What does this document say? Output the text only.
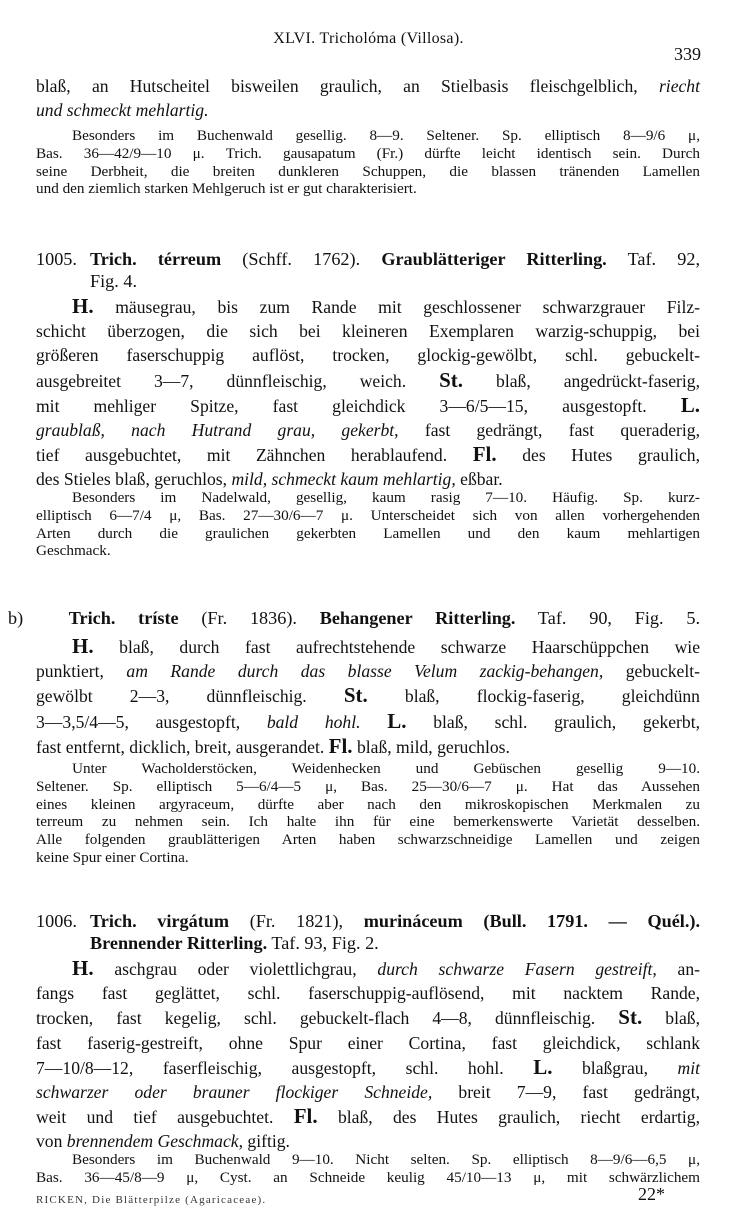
XLVI. Tricholóma (Villosa).
339
blaß, an Hutscheitel bisweilen graulich, an Stielbasis fleischgelblich, riecht
und schmeckt mehlartig.
Besonders im Buchenwald gesellig. 8—9. Seltener. Sp. elliptisch 8—9/6 μ,
Bas. 36—42/9—10 μ. Trich. gausapatum (Fr.) dürfte leicht identisch sein. Durch
seine Derbheit, die breiten dunkleren Schuppen, die blassen tränenden Lamellen
und den ziemlich starken Mehlgeruch ist er gut charakterisiert.
1005. Trich. térreum (Schff. 1762). Graublätteriger Ritterling. Taf. 92,
Fig. 4.
H. mäusegrau, bis zum Rande mit geschlossener schwarzgrauer Filz-
schicht überzogen, die sich bei kleineren Exemplaren warzig-schuppig, bei
größeren faserschuppig auflöst, trocken, glockig-gewölbt, schl. gebuckelt-
ausgebreitet 3—7, dünnfleischig, weich. St. blaß, angedrückt-faserig,
mit mehliger Spitze, fast gleichdick 3—6/5—15, ausgestopft. L.
graublaß, nach Hutrand grau, gekerbt, fast gedrängt, fast queraderig,
tief ausgebuchtet, mit Zähnchen herablaufend. Fl. des Hutes graulich,
des Stieles blaß, geruchlos, mild, schmeckt kaum mehlartig, eßbar.
Besonders im Nadelwald, gesellig, kaum rasig 7—10. Häufig. Sp. kurz-
elliptisch 6—7/4 μ, Bas. 27—30/6—7 μ. Unterscheidet sich von allen vorhergehenden
Arten durch die graulichen gekerbten Lamellen und den kaum mehlartigen
Geschmack.
b)	Trich. tríste (Fr. 1836). Behangener Ritterling. Taf. 90, Fig. 5.
H. blaß, durch fast aufrechtstehende schwarze Haarschüppchen wie
punktiert, am Rande durch das blasse Velum zackig-behangen, gebuckelt-
gewölbt 2—3, dünnfleischig. St. blaß, flockig-faserig, gleichdünn
3—3,5/4—5, ausgestopft, bald hohl. L. blaß, schl. graulich, gekerbt,
fast entfernt, dicklich, breit, ausgerandet. Fl. blaß, mild, geruchlos.
Unter Wacholderstöcken, Weidenhecken und Gebüschen gesellig 9—10.
Seltener. Sp. elliptisch 5—6/4—5 μ, Bas. 25—30/6—7 μ. Hat das Aussehen
eines kleinen argyraceum, dürfte aber nach den mikroskopischen Merkmalen zu
terreum zu nehmen sein. Ich halte ihn für eine bemerkenswerte Varietät desselben.
Alle folgenden graublätterigen Arten haben schwarzschneidige Lamellen und zeigen
keine Spur einer Cortina.
1006. Trich. virgátum (Fr. 1821), murináceum (Bull. 1791. — Quél.).
Brennender Ritterling. Taf. 93, Fig. 2.
H. aschgrau oder violettlichgrau, durch schwarze Fasern gestreift, an-
fangs fast geglättet, schl. faserschuppig-auflösend, mit nacktem Rande,
trocken, fast kegelig, schl. gebuckelt-flach 4—8, dünnfleischig. St. blaß,
fast faserig-gestreift, ohne Spur einer Cortina, fast gleichdick, schlank
7—10/8—12, faserfleischig, ausgestopft, schl. hohl. L. blaßgrau, mit
schwarzer oder brauner flockiger Schneide, breit 7—9, fast gedrängt,
weit und tief ausgebuchtet. Fl. blaß, des Hutes graulich, riecht erdartig,
von brennendem Geschmack, giftig.
Besonders im Buchenwald 9—10. Nicht selten. Sp. elliptisch 8—9/6—6,5 μ,
Bas. 36—45/8—9 μ, Cyst. an Schneide keulig 45/10—13 μ, mit schwärzlichem
RICKEN, Die Blätterpilze (Agaricaceae).	22*
